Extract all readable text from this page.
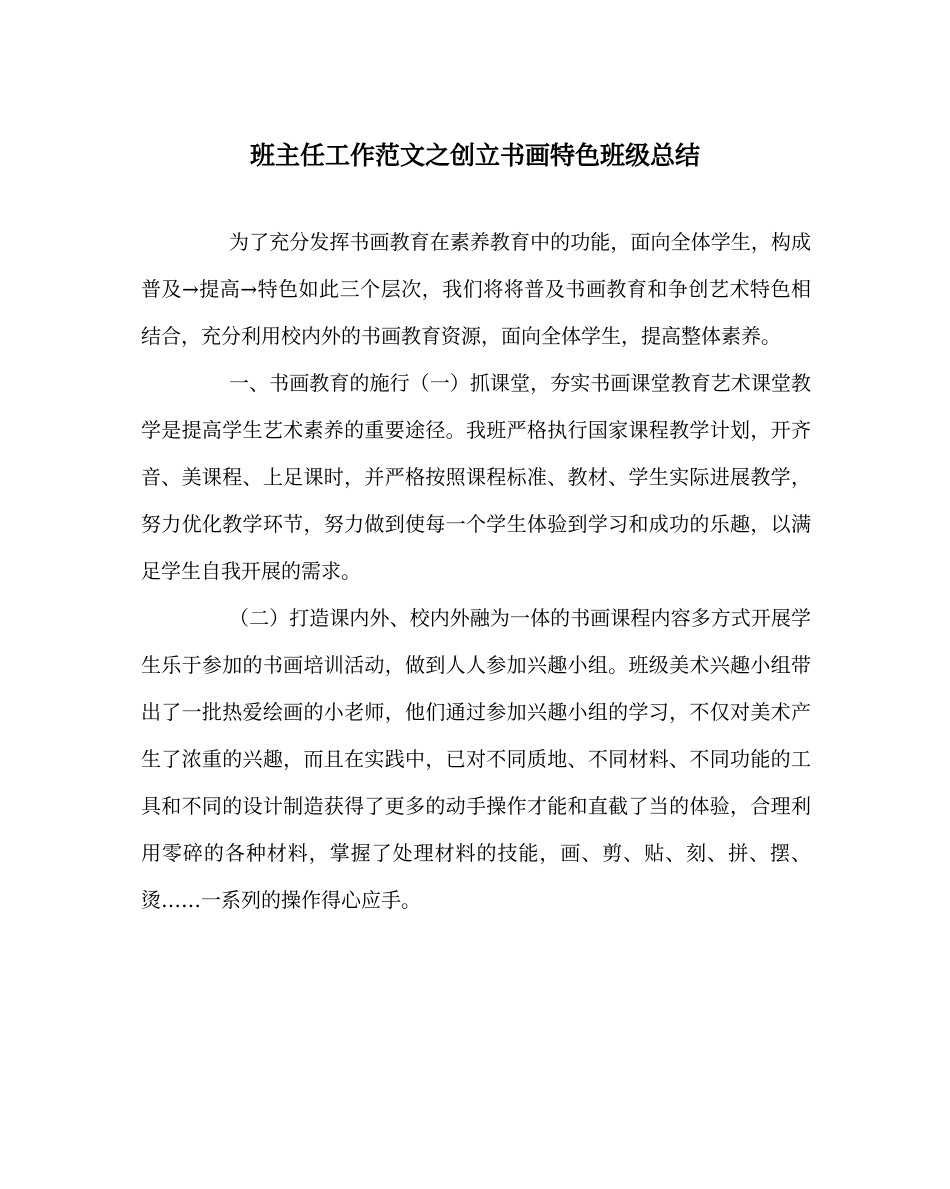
班主任工作范文之创立书画特色班级总结

为了充分发挥书画教育在素养教育中的功能，面向全体学生，构成普及→提高→特色如此三个层次，我们将将普及书画教育和争创艺术特色相结合，充分利用校内外的书画教育资源，面向全体学生，提高整体素养。

一、书画教育的施行（一）抓课堂，夯实书画课堂教育艺术课堂教学是提高学生艺术素养的重要途径。我班严格执行国家课程教学计划，开齐音、美课程、上足课时，并严格按照课程标准、教材、学生实际进展教学，努力优化教学环节，努力做到使每一个学生体验到学习和成功的乐趣，以满足学生自我开展的需求。

（二）打造课内外、校内外融为一体的书画课程内容多方式开展学生乐于参加的书画培训活动，做到人人参加兴趣小组。班级美术兴趣小组带出了一批热爱绘画的小老师，他们通过参加兴趣小组的学习，不仅对美术产生了浓重的兴趣，而且在实践中，已对不同质地、不同材料、不同功能的工具和不同的设计制造获得了更多的动手操作才能和直截了当的体验，合理利用零碎的各种材料，掌握了处理材料的技能，画、剪、贴、刻、拼、摆、烫……一系列的操作得心应手。
